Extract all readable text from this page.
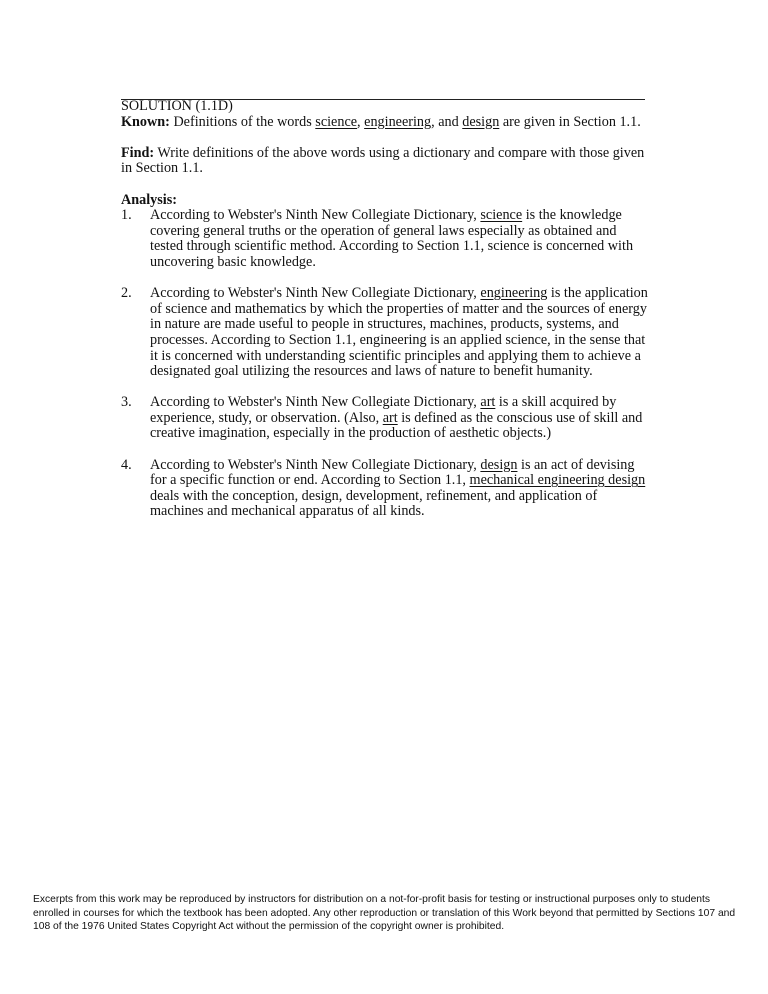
SOLUTION (1.1D)

Known: Definitions of the words science, engineering, and design are given in Section 1.1.

Find: Write definitions of the above words using a dictionary and compare with those given in Section 1.1.

Analysis:

1.	According to Webster's Ninth New Collegiate Dictionary, science is the knowledge covering general truths or the operation of general laws especially as obtained and tested through scientific method. According to Section 1.1, science is concerned with uncovering basic knowledge.
2.	According to Webster's Ninth New Collegiate Dictionary, engineering is the application of science and mathematics by which the properties of matter and the sources of energy in nature are made useful to people in structures, machines, products, systems, and processes. According to Section 1.1, engineering is an applied science, in the sense that it is concerned with understanding scientific principles and applying them to achieve a designated goal utilizing the resources and laws of nature to benefit humanity.
3.	According to Webster's Ninth New Collegiate Dictionary, art is a skill acquired by experience, study, or observation. (Also, art is defined as the conscious use of skill and creative imagination, especially in the production of aesthetic objects.)
4.	According to Webster's Ninth New Collegiate Dictionary, design is an act of devising for a specific function or end. According to Section 1.1, mechanical engineering design deals with the conception, design, development, refinement, and application of machines and mechanical apparatus of all kinds.
Excerpts from this work may be reproduced by instructors for distribution on a not-for-profit basis for testing or instructional purposes only to students enrolled in courses for which the textbook has been adopted. Any other reproduction or translation of this Work beyond that permitted by Sections 107 and 108 of the 1976 United States Copyright Act without the permission of the copyright owner is prohibited.
